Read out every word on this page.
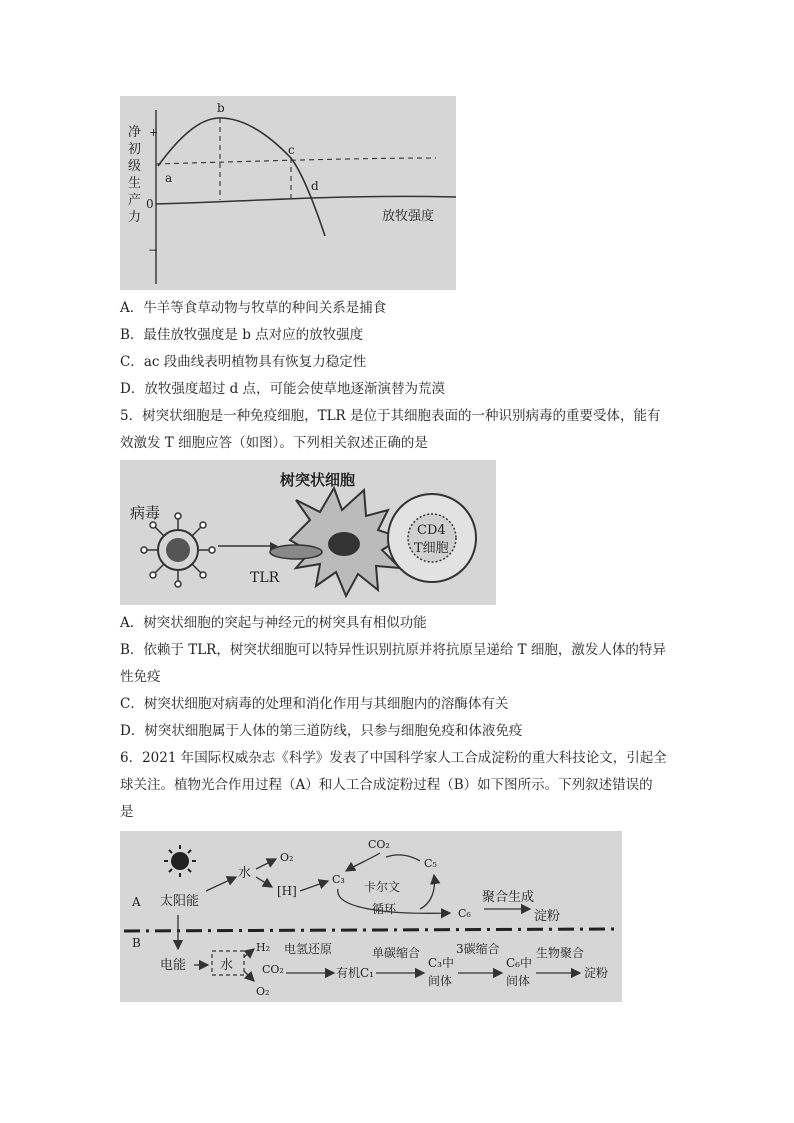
净
初
级
生
产
力
+
0
−
放牧强度
a
b
c
d
A．牛羊等食草动物与牧草的种间关系是捕食
B．最佳放牧强度是 b 点对应的放牧强度
C．ac 段曲线表明植物具有恢复力稳定性
D．放牧强度超过 d 点，可能会使草地逐渐演替为荒漠
5．树突状细胞是一种免疫细胞，TLR 是位于其细胞表面的一种识别病毒的重要受体，能有
效激发 T 细胞应答（如图）。下列相关叙述正确的是
病毒
TLR
树突状细胞
CD4
T细胞
A．树突状细胞的突起与神经元的树突具有相似功能
B．依赖于 TLR，树突状细胞可以特异性识别抗原并将抗原呈递给 T 细胞，激发人体的特异
性免疫
C．树突状细胞对病毒的处理和消化作用与其细胞内的溶酶体有关
D．树突状细胞属于人体的第三道防线，只参与细胞免疫和体液免疫
6．2021 年国际权威杂志《科学》发表了中国科学家人工合成淀粉的重大科技论文，引起全
球关注。植物光合作用过程（A）和人工合成淀粉过程（B）如下图所示。下列叙述错误的
是
A 太阳能
水
O₂
[H]
CO₂
C₅
C₃
卡尔文
循环	C₆
聚合生成
淀粉
B
电能	水
H₂
O₂
CO₂
电氢还原
有机C₁
单碳缩合
C₃中
间体
3碳缩合
C₆中
间体
生物聚合
淀粉
